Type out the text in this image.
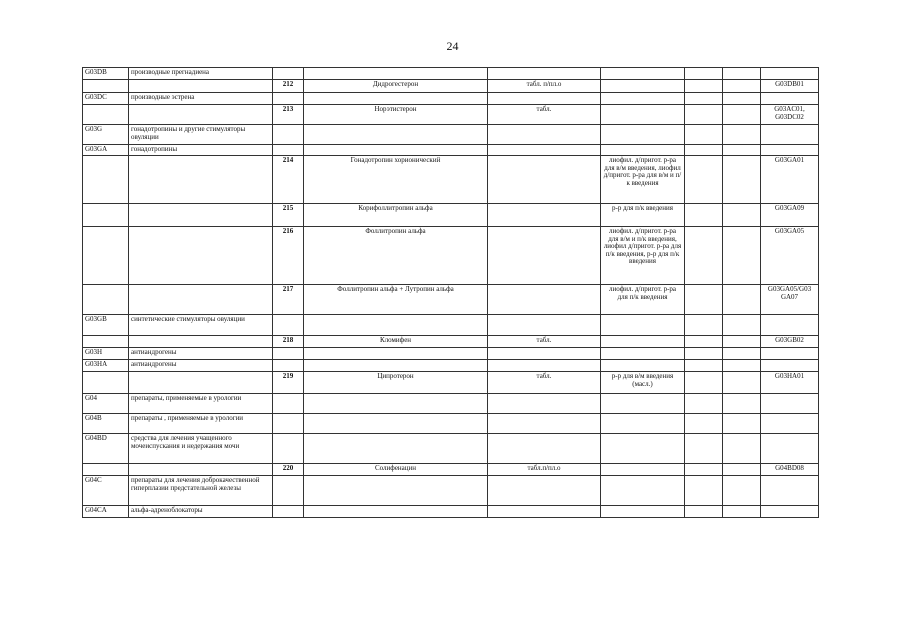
24
G03DB	производные прегнадиена							
		212	Дидрогестерон	табл. п/пл.о				G03DB01
G03DC	производные эстрена							
		213	Норэтистерон	табл.				G03AC01,
G03DC02
G03G	гонадотропины и другие стимуляторы овуляции							
G03GA	гонадотропины							
		214	Гонадотропин хорионический		лиофил. д/пригот. р-ра для в/м введения, лиофил д/пригот. р-ра для в/м и п/к введения			G03GA01
		215	Корифоллитропин альфа		р-р для п/к введения			G03GA09
		216	Фоллитропин альфа		лиофил. д/пригот. р-ра для в/м и п/к введения, лиофил д/пригот. р-ра для п/к введения, р-р для п/к введения			G03GA05
		217	Фоллитропин альфа + Лутропин альфа		лиофил. д/пригот. р-ра для п/к введения			G03GA05/G03
GA07
G03GB	синтетические стимуляторы овуляции							
		218	Кломифен	табл.				G03GB02
G03H	антиандрогены							
G03HA	антиандрогены							
		219	Ципротерон	табл.	р-р для в/м введения (масл.)			G03HA01
G04	препараты, применяемые в урологии							
G04B	препараты , применяемые в урологии							
G04BD	средства для лечения учащенного мочеиспускания и недержания мочи							
		220	Солифенацин	табл.п/пл.о				G04BD08
G04C	препараты для лечения доброкачественной гиперплазии предстательной железы							
G04CA	альфа-адреноблокаторы							
